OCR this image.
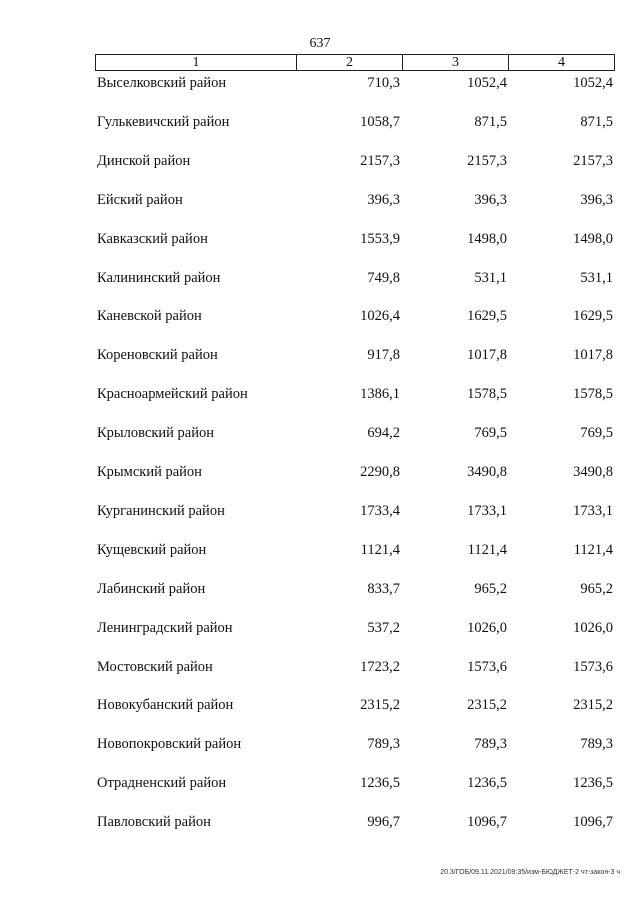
637
1	2	3	4
Выселковский район	710,3	1052,4	1052,4
Гулькевичский район	1058,7	871,5	871,5
Динской район	2157,3	2157,3	2157,3
Ейский район	396,3	396,3	396,3
Кавказский район	1553,9	1498,0	1498,0
Калининский район	749,8	531,1	531,1
Каневской район	1026,4	1629,5	1629,5
Кореновский район	917,8	1017,8	1017,8
Красноармейский район	1386,1	1578,5	1578,5
Крыловский район	694,2	769,5	769,5
Крымский район	2290,8	3490,8	3490,8
Курганинский район	1733,4	1733,1	1733,1
Кущевский район	1121,4	1121,4	1121,4
Лабинский район	833,7	965,2	965,2
Ленинградский район	537,2	1026,0	1026,0
Мостовский район	1723,2	1573,6	1573,6
Новокубанский район	2315,2	2315,2	2315,2
Новопокровский район	789,3	789,3	789,3
Отрадненский район	1236,5	1236,5	1236,5
Павловский район	996,7	1096,7	1096,7
20.3/ГОБ/09.11.2021/09:35/изм-БЮДЖЕТ-2 чт-закон-3 ч
